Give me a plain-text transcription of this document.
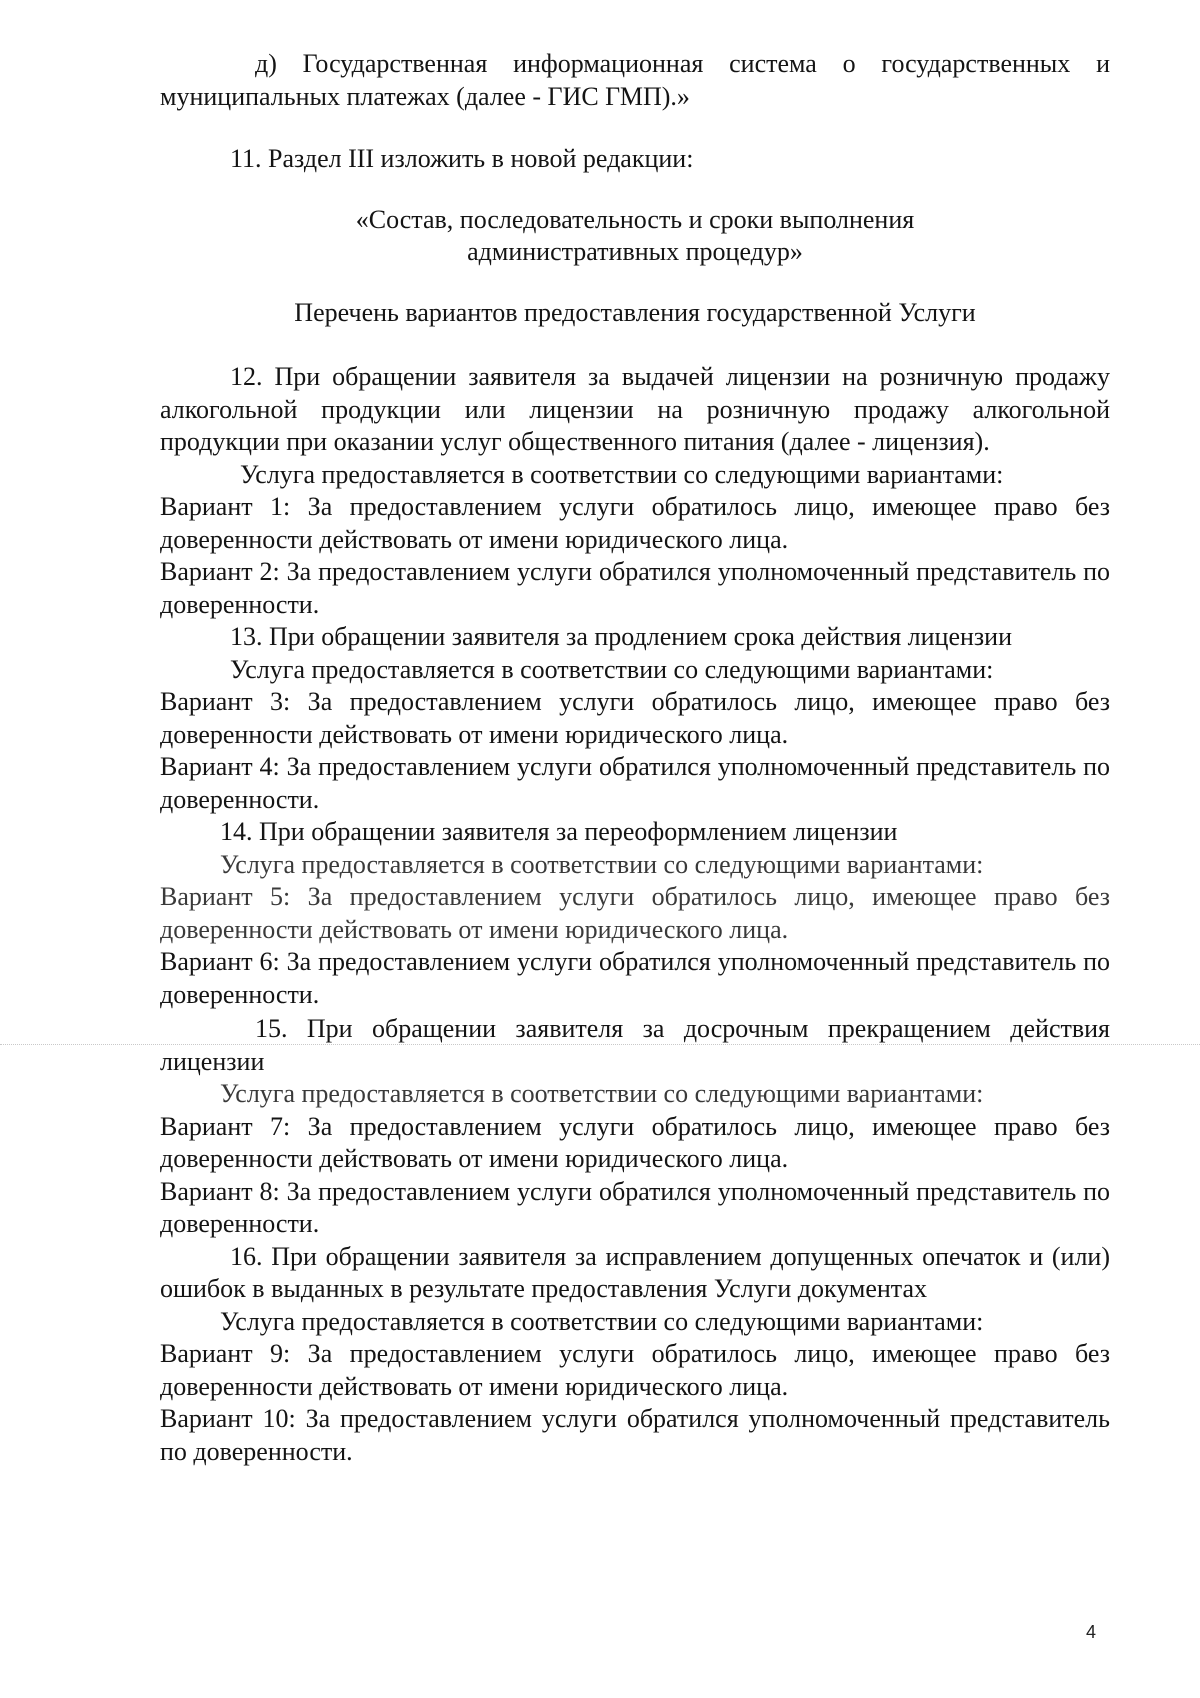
д) Государственная информационная система о государственных и муниципальных платежах (далее - ГИС ГМП).»

11. Раздел III изложить в новой редакции:

«Состав, последовательность и сроки выполнения

административных процедур»

Перечень вариантов предоставления государственной Услуги

12. При обращении заявителя за выдачей лицензии на розничную продажу алкогольной продукции или лицензии на розничную продажу алкогольной продукции при оказании услуг общественного питания (далее - лицензия).

Услуга предоставляется в соответствии со следующими вариантами:

Вариант 1: За предоставлением услуги обратилось лицо, имеющее право без доверенности действовать от имени юридического лица.

Вариант 2: За предоставлением услуги обратился уполномоченный представитель по доверенности.

13. При обращении заявителя за продлением срока действия лицензии

Услуга предоставляется в соответствии со следующими вариантами:

Вариант 3: За предоставлением услуги обратилось лицо, имеющее право без доверенности действовать от имени юридического лица.

Вариант 4: За предоставлением услуги обратился уполномоченный представитель по доверенности.

14. При обращении заявителя за переоформлением лицензии

Услуга предоставляется в соответствии со следующими вариантами:

Вариант 5: За предоставлением услуги обратилось лицо, имеющее право без доверенности действовать от имени юридического лица.

Вариант 6: За предоставлением услуги обратился уполномоченный представитель по доверенности.

15. При обращении заявителя за досрочным прекращением действия лицензии

Услуга предоставляется в соответствии со следующими вариантами:

Вариант 7: За предоставлением услуги обратилось лицо, имеющее право без доверенности действовать от имени юридического лица.

Вариант 8: За предоставлением услуги обратился уполномоченный представитель по доверенности.

16. При обращении заявителя за исправлением допущенных опечаток и (или) ошибок в выданных в результате предоставления Услуги документах

Услуга предоставляется в соответствии со следующими вариантами:

Вариант 9: За предоставлением услуги обратилось лицо, имеющее право без доверенности действовать от имени юридического лица.

Вариант 10: За предоставлением услуги обратился уполномоченный представитель по доверенности.

4
